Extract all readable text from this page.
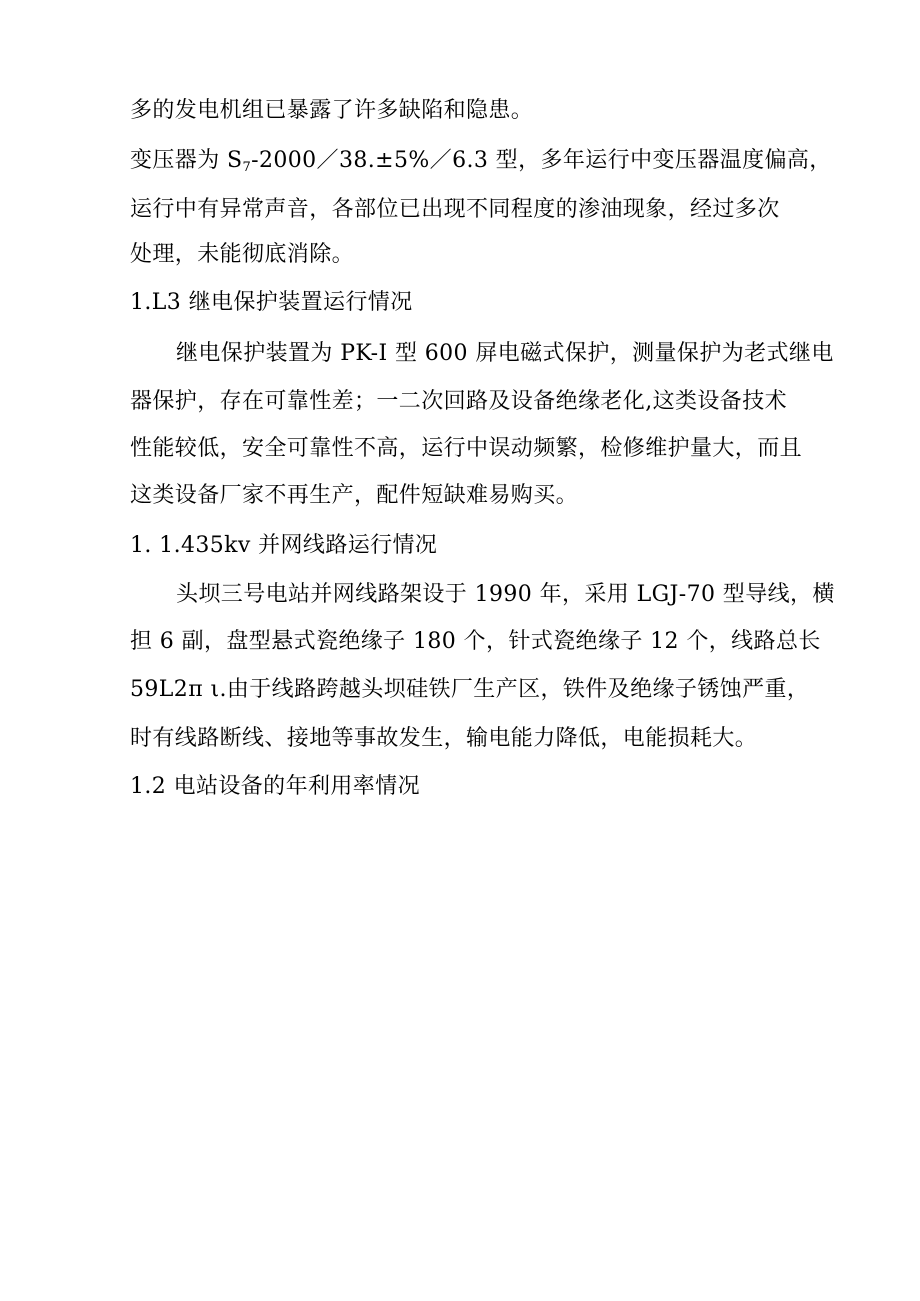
多的发电机组已暴露了许多缺陷和隐患。
变压器为 $S_7-2000/38.\pm 5\%/6.3$ 型，多年运行中变压器温度偏高，
运行中有异常声音，各部位已出现不同程度的渗油现象，经过多次
处理，未能彻底消除。
1.L3 继电保护装置运行情况
继电保护装置为 PK-I 型 600 屏电磁式保护，测量保护为老式继电
器保护，存在可靠性差；一二次回路及设备绝缘老化,这类设备技术
性能较低，安全可靠性不高，运行中误动频繁，检修维护量大，而且
这类设备厂家不再生产，配件短缺难易购买。
1. 1.435kv 并网线路运行情况
头坝三号电站并网线路架设于 1990 年，采用 LGJ-70 型导线，横
担 6 副，盘型悬式瓷绝缘子 180 个，针式瓷绝缘子 12 个，线路总长
59L2π ι.由于线路跨越头坝硅铁厂生产区，铁件及绝缘子锈蚀严重，
时有线路断线、接地等事故发生，输电能力降低，电能损耗大。
1.2 电站设备的年利用率情况
